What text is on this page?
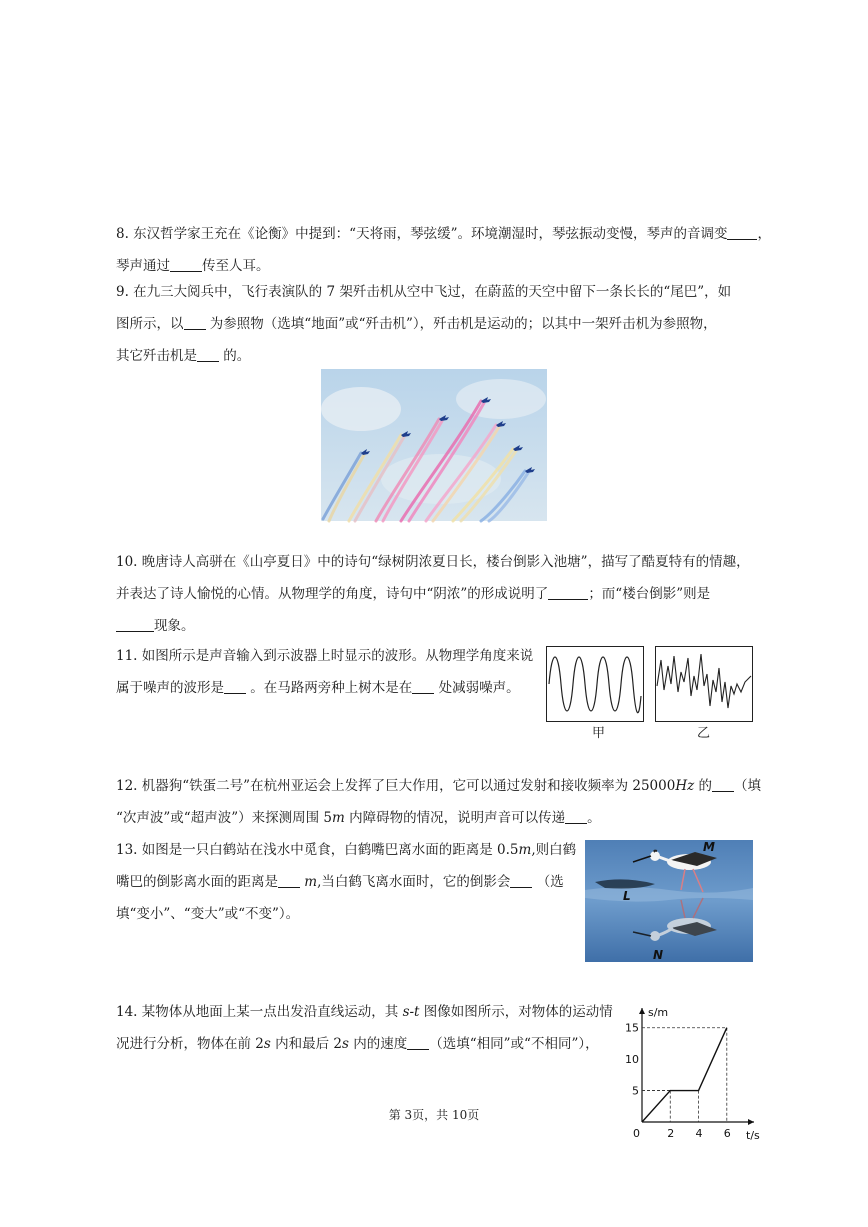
8. 东汉哲学家王充在《论衡》中提到：“天将雨，琴弦缓”。环境潮湿时，琴弦振动变慢，琴声的音调变 ，
琴声通过 传至人耳。
9. 在九三大阅兵中，飞行表演队的 7 架歼击机从空中飞过，在蔚蓝的天空中留下一条长长的“尾巴”，如
图所示，以 为参照物（选填“地面”或“歼击机”），歼击机是运动的；以其中一架歼击机为参照物，
其它歼击机是 的。
10. 晚唐诗人高骈在《山亭夏日》中的诗句“绿树阴浓夏日长，楼台倒影入池塘”，描写了酷夏特有的情趣，
并表达了诗人愉悦的心情。从物理学的角度，诗句中“阴浓”的形成说明了	；而“楼台倒影”则是
现象。
11. 如图所示是声音输入到示波器上时显示的波形。从物理学角度来说
属于噪声的波形是 。在马路两旁种上树木是在 处减弱噪声。
甲	乙
12. 机器狗“铁蛋二号”在杭州亚运会上发挥了巨大作用，它可以通过发射和接收频率为 25000Hz 的 （填
“次声波”或“超声波”）来探测周围 5m 内障碍物的情况，说明声音可以传递 。
13. 如图是一只白鹤站在浅水中觅食，白鹤嘴巴离水面的距离是 0.5m,则白鹤
嘴巴的倒影离水面的距离是 m,当白鹤飞离水面时，它的倒影会 （选
填“变小”、“变大”或“不变”）。
M
L
N
14. 某物体从地面上某一点出发沿直线运动，其 s-t 图像如图所示，对物体的运动情
况进行分析，物体在前 2s 内和最后 2s 内的速度 （选填“相同”或“不相同”），
s/m
t/s
0 2 4 6
5
10
15
第 3页，共 10页
